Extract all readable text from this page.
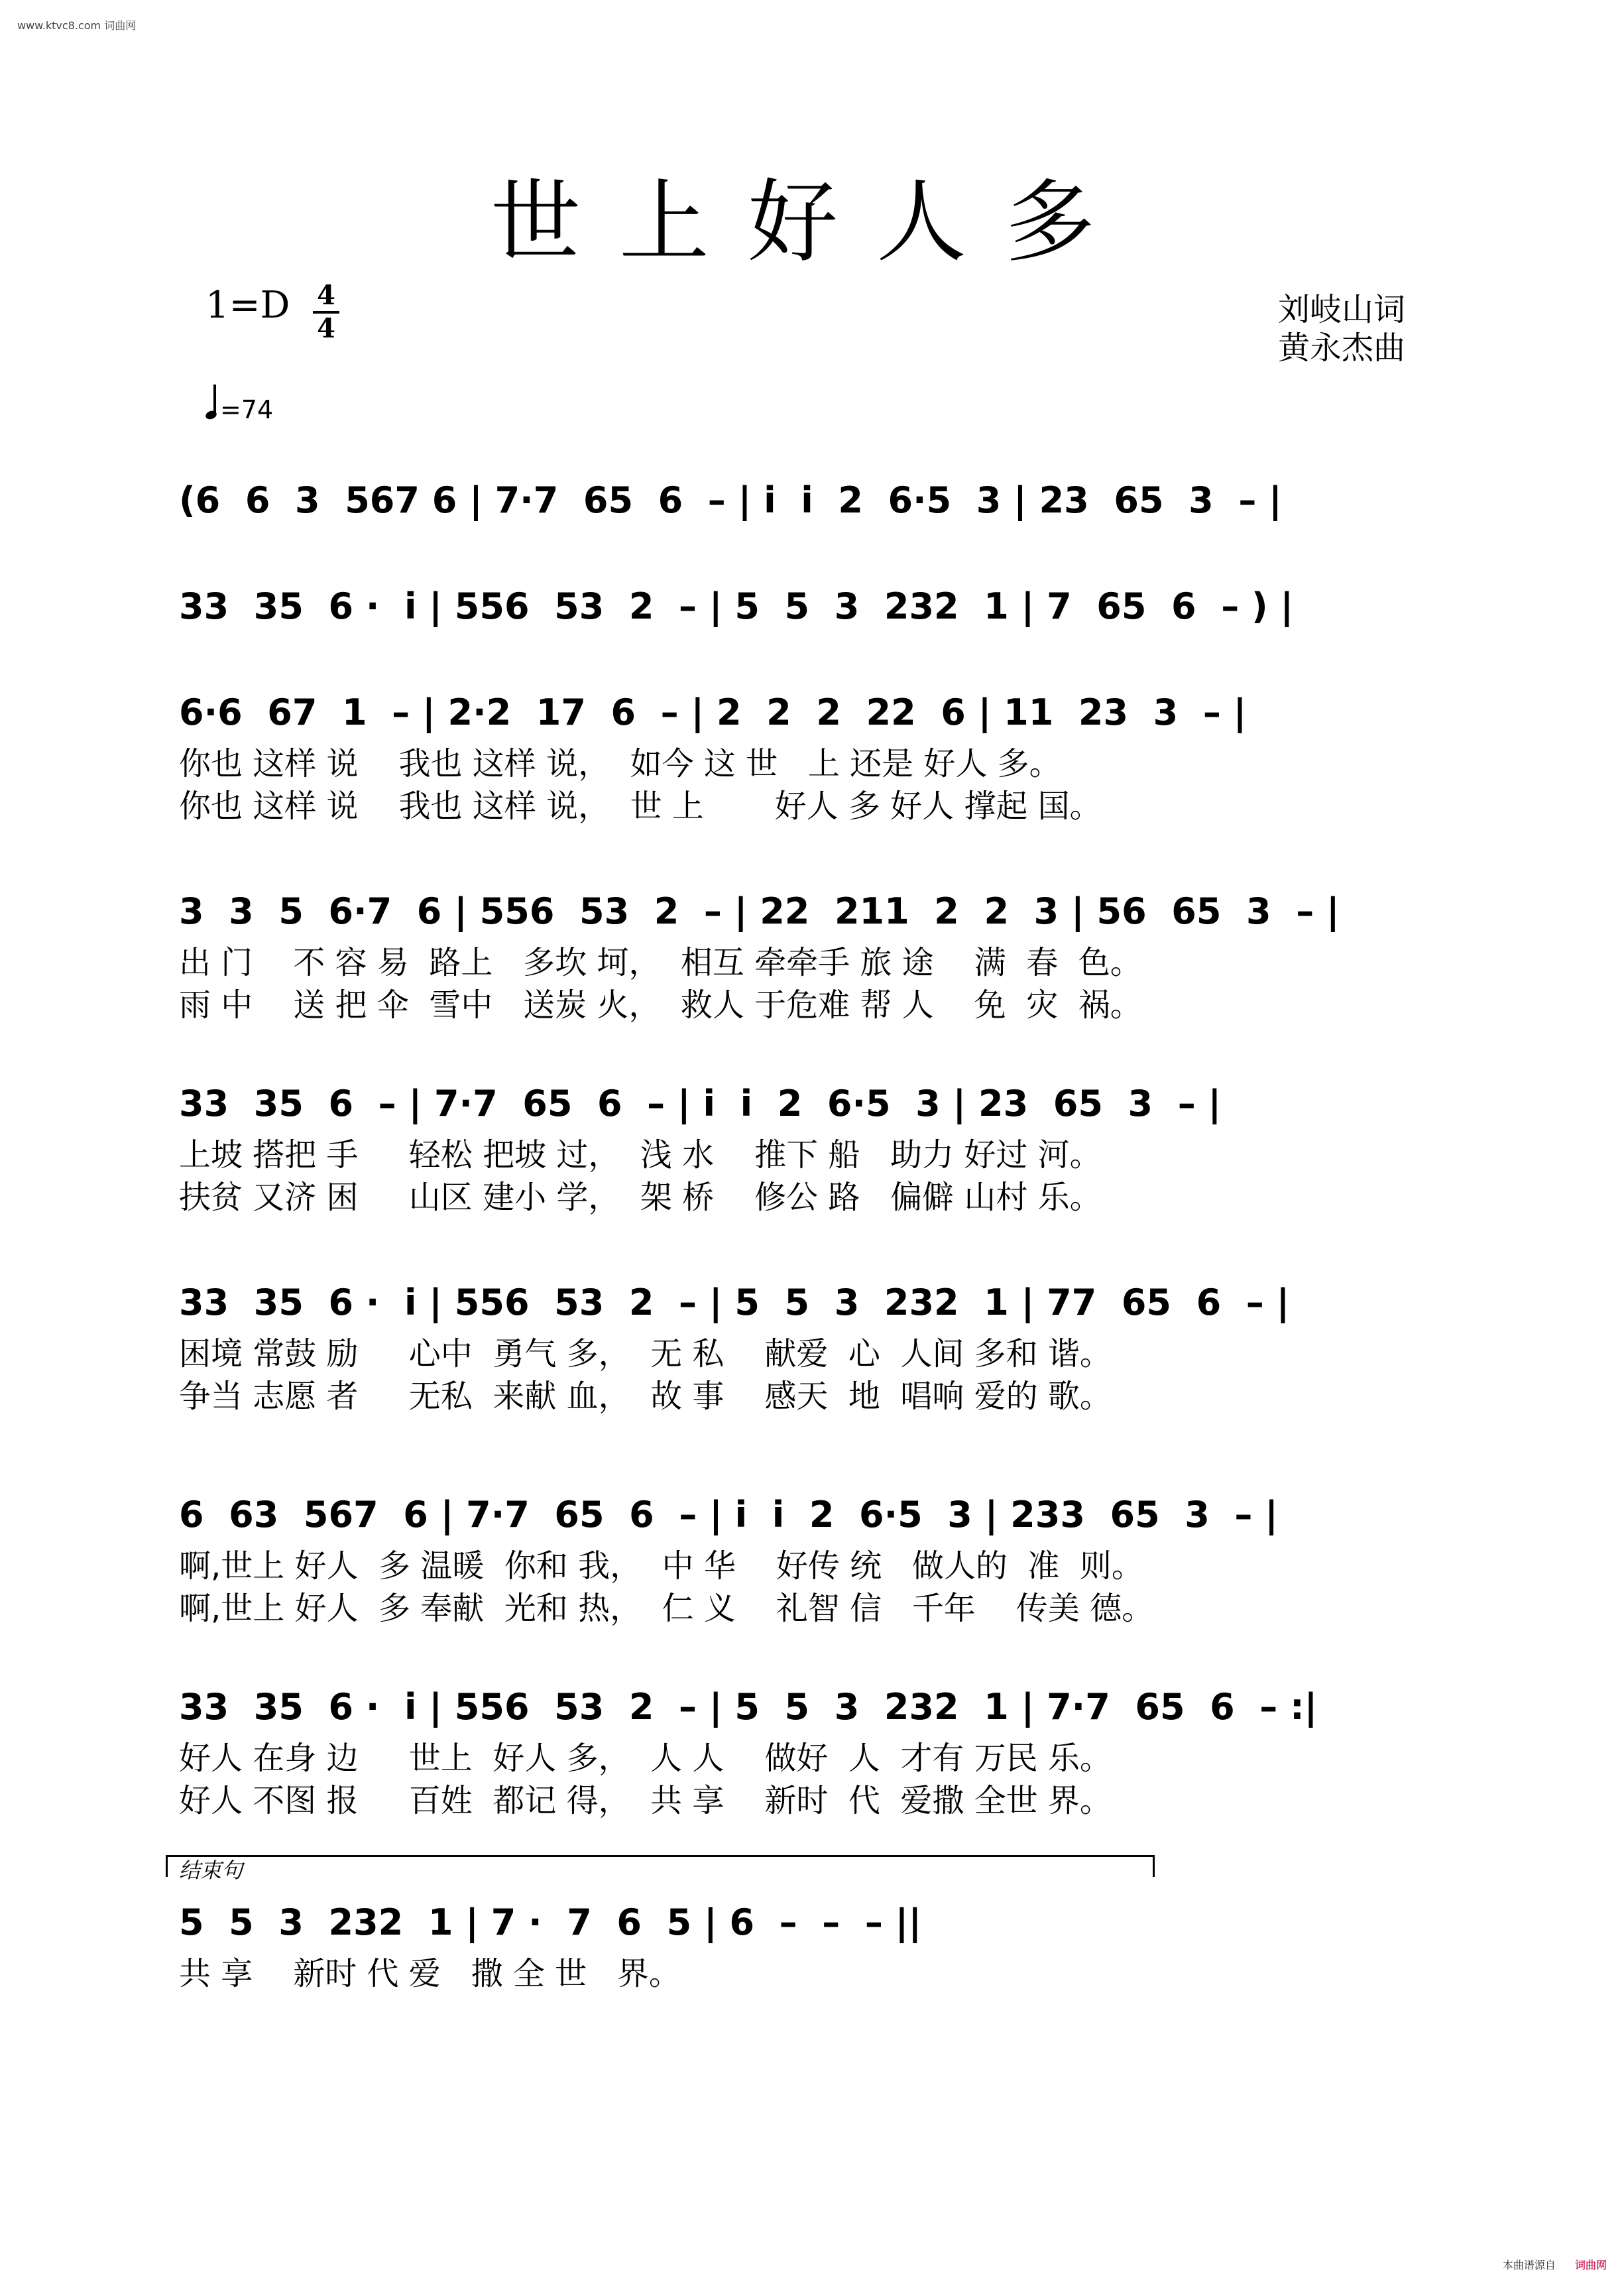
www.ktvc8.com 词曲网
世上好人多
1=D 4
4
刘岐山词
黄永杰曲
=74
(6  6  3  567 6 | 7·7  65  6  – | i  i  2  6·5  3 | 23  65  3  – |
33  35  6 ·  i | 556  53  2  – | 5  5  3  232  1 | 7  65  6  – ) |
6·6  67  1  – | 2·2  17  6  – | 2  2  2  22  6 | 11  23  3  – |
你也 这样 说    我也 这样 说，  如今 这 世   上 还是 好人 多。
你也 这样 说    我也 这样 说，  世 上       好人 多 好人 撑起 国。
3  3  5  6·7  6 | 556  53  2  – | 22  211  2  2  3 | 56  65  3  – |
出 门    不 容 易  路上   多坎 坷，  相互 牵牵手 旅 途    满  春  色。
雨 中    送 把 伞  雪中   送炭 火，  救人 于危难 帮 人    免  灾  祸。
33  35  6  – | 7·7  65  6  – | i  i  2  6·5  3 | 23  65  3  – |
上坡 搭把 手     轻松 把坡 过，  浅 水    推下 船   助力 好过 河。
扶贫 又济 困     山区 建小 学，  架 桥    修公 路   偏僻 山村 乐。
33  35  6 ·  i | 556  53  2  – | 5  5  3  232  1 | 77  65  6  – |
困境 常鼓 励     心中  勇气 多，  无 私    献爱  心  人间 多和 谐。
争当 志愿 者     无私  来献 血，  故 事    感天  地  唱响 爱的 歌。
6  63  567  6 | 7·7  65  6  – | i  i  2  6·5  3 | 233  65  3  – |
啊,世上 好人  多 温暖  你和 我，  中 华    好传 统   做人的  准  则。
啊,世上 好人  多 奉献  光和 热，  仁 义    礼智 信   千年    传美 德。
33  35  6 ·  i | 556  53  2  – | 5  5  3  232  1 | 7·7  65  6  – :|
好人 在身 边     世上  好人 多，  人 人    做好  人  才有 万民 乐。
好人 不图 报     百姓  都记 得，  共 享    新时  代  爱撒 全世 界。
5  5  3  232  1 | 7 ·  7  6  5 | 6  –  –  – ||
共 享    新时 代 爱   撒 全 世   界。
结束句
本曲谱源自 词曲网
